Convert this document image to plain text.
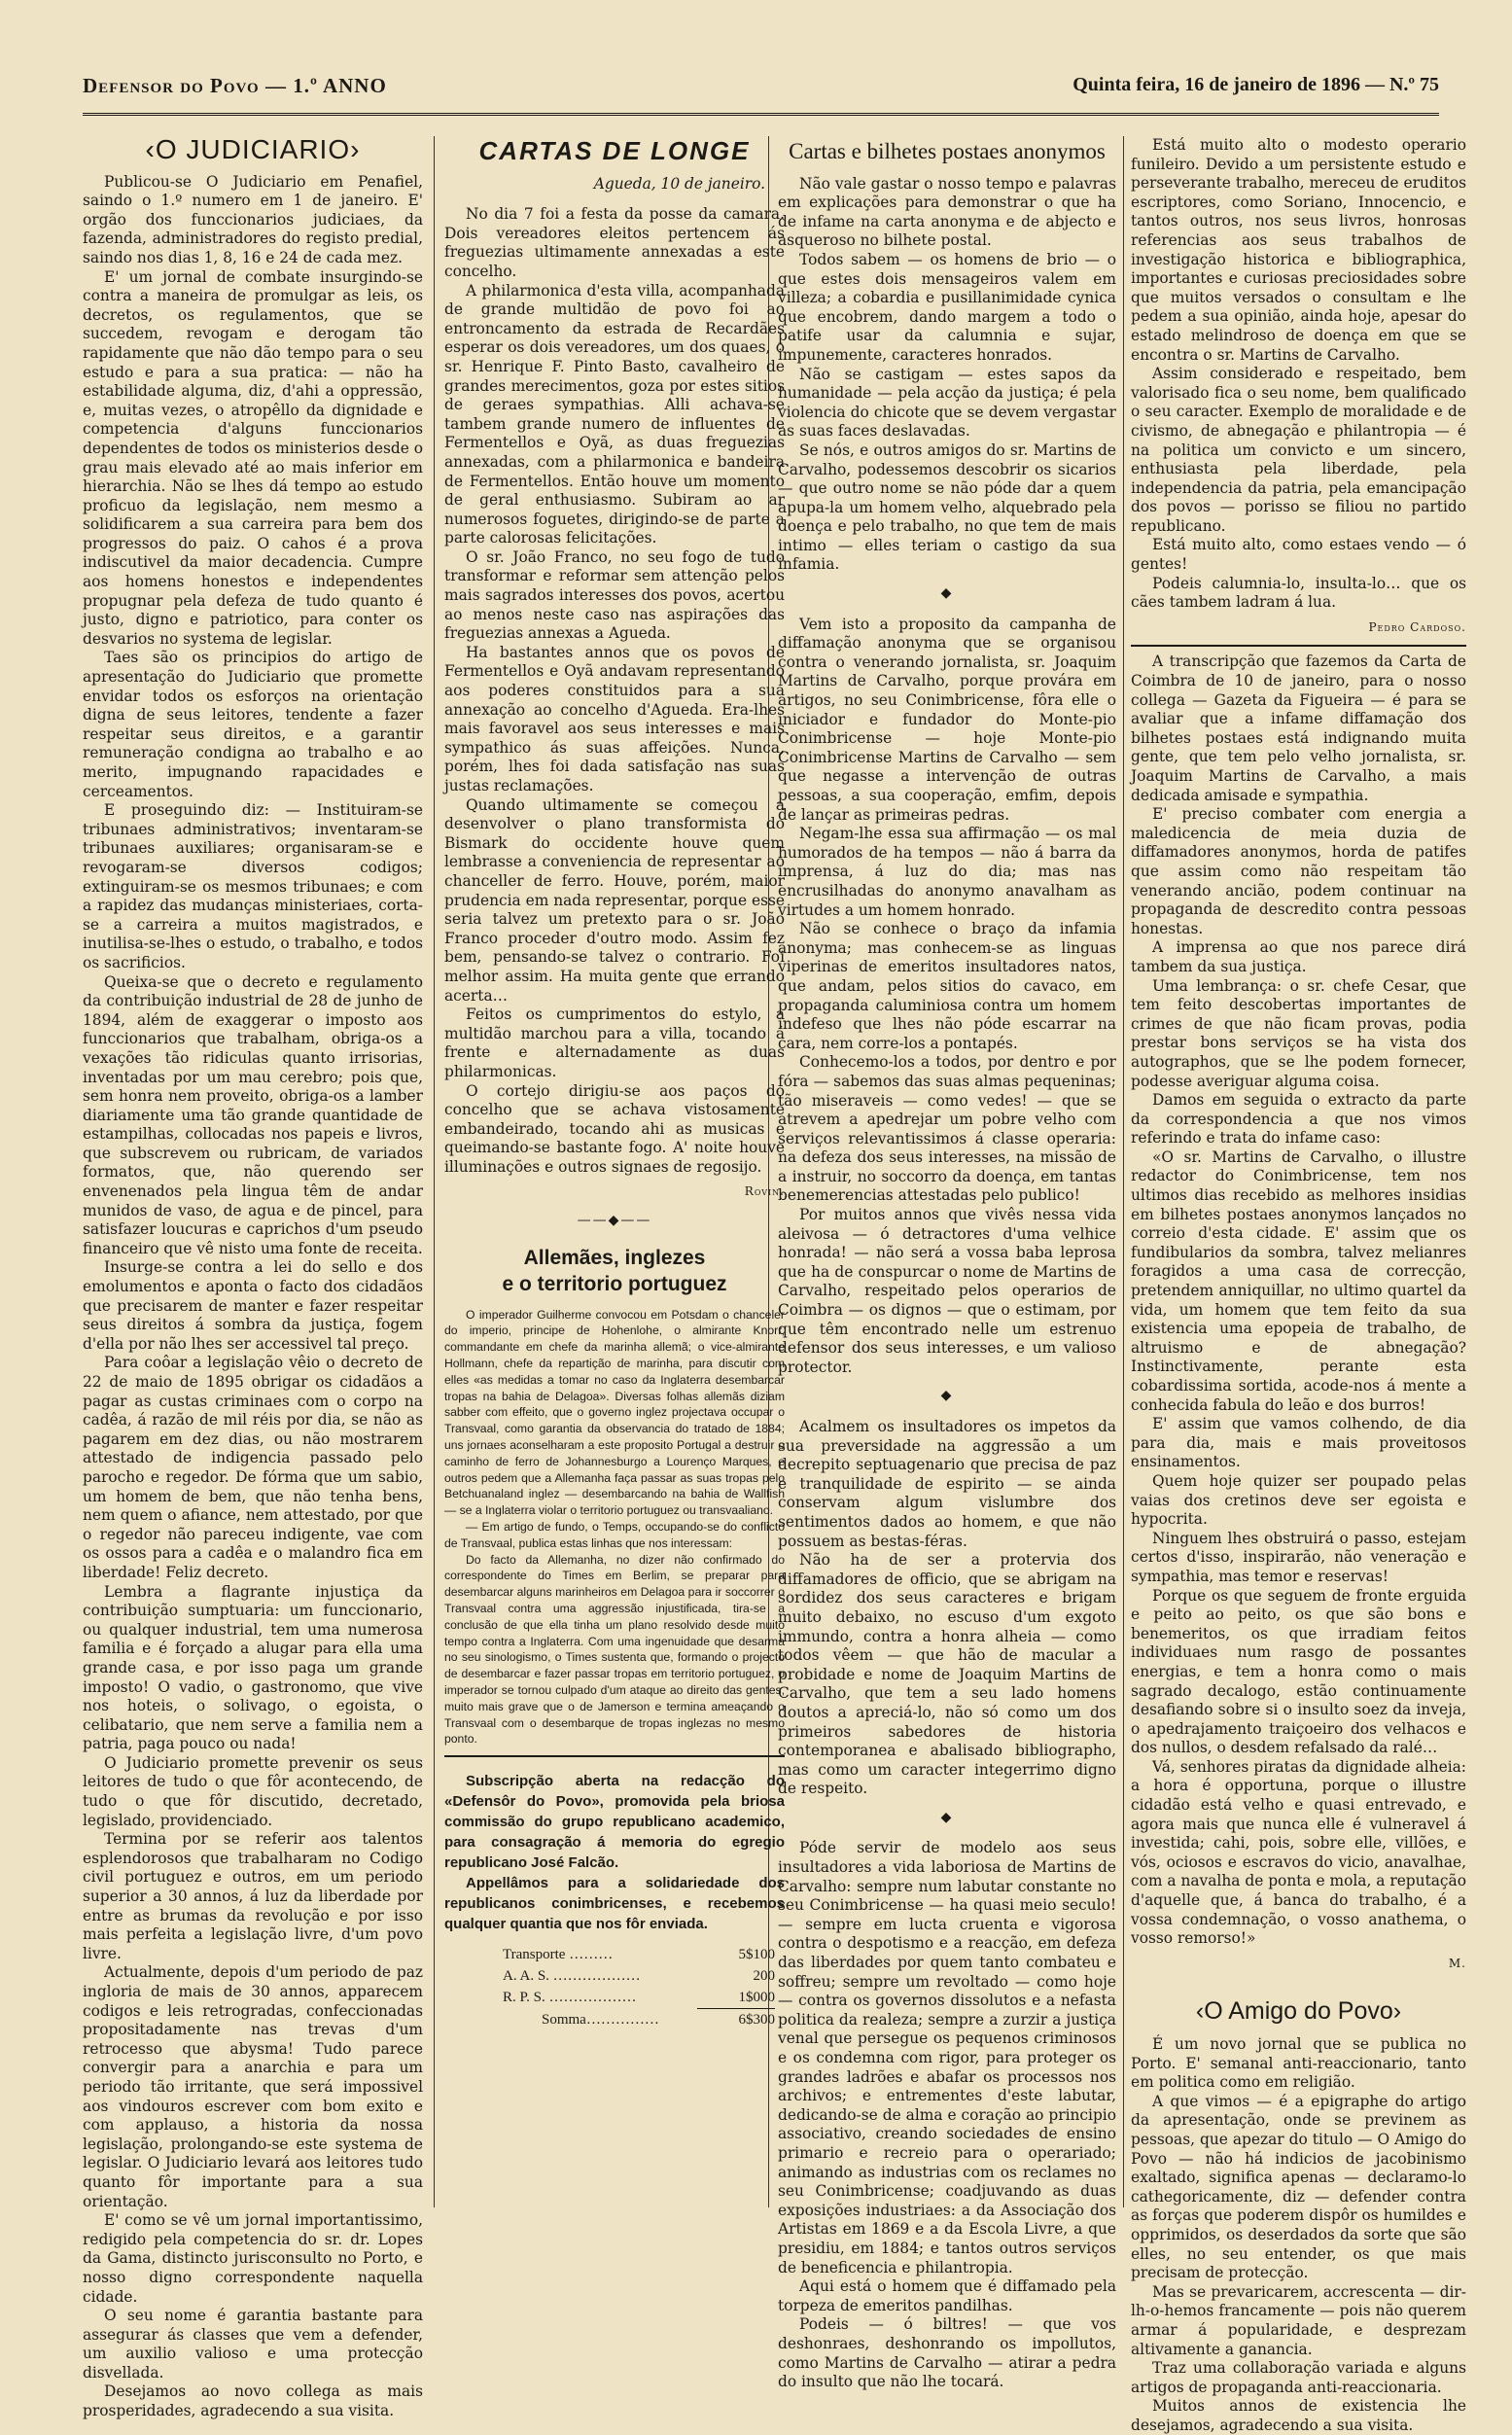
Defensor do Povo — 1.º ANNO	Quinta feira, 16 de janeiro de 1896 — N.º 75
‹O JUDICIARIO›

Publicou-se O Judiciario em Penafiel, saindo o 1.º numero em 1 de janeiro. E' orgão dos funccionarios judiciaes, da fazenda, administradores do registo predial, saindo nos dias 1, 8, 16 e 24 de cada mez.

E' um jornal de combate insurgindo-se contra a maneira de promulgar as leis, os decretos, os regulamentos, que se succedem, revogam e derogam tão rapidamente que não dão tempo para o seu estudo e para a sua pratica: — não ha estabilidade alguma, diz, d'ahi a oppressão, e, muitas vezes, o atropêllo da dignidade e competencia d'alguns funccionarios dependentes de todos os ministerios desde o grau mais elevado até ao mais inferior em hierarchia. Não se lhes dá tempo ao estudo proficuo da legislação, nem mesmo a solidificarem a sua carreira para bem dos progressos do paiz. O cahos é a prova indiscutivel da maior decadencia. Cumpre aos homens honestos e independentes propugnar pela defeza de tudo quanto é justo, digno e patriotico, para conter os desvarios no systema de legislar.

Taes são os principios do artigo de apresentação do Judiciario que promette envidar todos os esforços na orientação digna de seus leitores, tendente a fazer respeitar seus direitos, e a garantir remuneração condigna ao trabalho e ao merito, impugnando rapacidades e cerceamentos.

E proseguindo diz: — Instituiram-se tribunaes administrativos; inventaram-se tribunaes auxiliares; organisaram-se e revogaram-se diversos codigos; extinguiram-se os mesmos tribunaes; e com a rapidez das mudanças ministeriaes, corta-se a carreira a muitos magistrados, e inutilisa-se-lhes o estudo, o trabalho, e todos os sacrificios.

Queixa-se que o decreto e regulamento da contribuição industrial de 28 de junho de 1894, além de exaggerar o imposto aos funccionarios que trabalham, obriga-os a vexações tão ridiculas quanto irrisorias, inventadas por um mau cerebro; pois que, sem honra nem proveito, obriga-os a lamber diariamente uma tão grande quantidade de estampilhas, collocadas nos papeis e livros, que subscrevem ou rubricam, de variados formatos, que, não querendo ser envenenados pela lingua têm de andar munidos de vaso, de agua e de pincel, para satisfazer loucuras e caprichos d'um pseudo financeiro que vê nisto uma fonte de receita.

Insurge-se contra a lei do sello e dos emolumentos e aponta o facto dos cidadãos que precisarem de manter e fazer respeitar seus direitos á sombra da justiça, fogem d'ella por não lhes ser accessivel tal preço.

Para coôar a legislação vêio o decreto de 22 de maio de 1895 obrigar os cidadãos a pagar as custas criminaes com o corpo na cadêa, á razão de mil réis por dia, se não as pagarem em dez dias, ou não mostrarem attestado de indigencia passado pelo parocho e regedor. De fórma que um sabio, um homem de bem, que não tenha bens, nem quem o afiance, nem attestado, por que o regedor não pareceu indigente, vae com os ossos para a cadêa e o malandro fica em liberdade! Feliz decreto.

Lembra a flagrante injustiça da contribuição sumptuaria: um funccionario, ou qualquer industrial, tem uma numerosa familia e é forçado a alugar para ella uma grande casa, e por isso paga um grande imposto! O vadio, o gastronomo, que vive nos hoteis, o solivago, o egoista, o celibatario, que nem serve a familia nem a patria, paga pouco ou nada!

O Judiciario promette prevenir os seus leitores de tudo o que fôr acontecendo, de tudo o que fôr discutido, decretado, legislado, providenciado.

Termina por se referir aos talentos esplendorosos que trabalharam no Codigo civil portuguez e outros, em um periodo superior a 30 annos, á luz da liberdade por entre as brumas da revolução e por isso mais perfeita a legislação livre, d'um povo livre.

Actualmente, depois d'um periodo de paz ingloria de mais de 30 annos, apparecem codigos e leis retrogradas, confeccionadas propositadamente nas trevas d'um retrocesso que abysma! Tudo parece convergir para a anarchia e para um periodo tão irritante, que será impossivel aos vindouros escrever com bom exito e com applauso, a historia da nossa legislação, prolongando-se este systema de legislar. O Judiciario levará aos leitores tudo quanto fôr importante para a sua orientação.

E' como se vê um jornal importantissimo, redigido pela competencia do sr. dr. Lopes da Gama, distincto jurisconsulto no Porto, e nosso digno correspondente naquella cidade.

O seu nome é garantia bastante para assegurar ás classes que vem a defender, um auxilio valioso e uma protecção disvellada.

Desejamos ao novo collega as mais prosperidades, agradecendo a sua visita.

CARTAS DE LONGE

Agueda, 10 de janeiro.

No dia 7 foi a festa da posse da camara. Dois vereadores eleitos pertencem ás freguezias ultimamente annexadas a este concelho.

A philarmonica d'esta villa, acompanhada de grande multidão de povo foi ao entroncamento da estrada de Recardães esperar os dois vereadores, um dos quaes, o sr. Henrique F. Pinto Basto, cavalheiro de grandes merecimentos, goza por estes sitios de geraes sympathias. Alli achava-se tambem grande numero de influentes de Fermentellos e Oyã, as duas freguezias annexadas, com a philarmonica e bandeira de Fermentellos. Então houve um momento de geral enthusiasmo. Subiram ao ar numerosos foguetes, dirigindo-se de parte a parte calorosas felicitações.

O sr. João Franco, no seu fogo de tudo transformar e reformar sem attenção pelos mais sagrados interesses dos povos, acertou ao menos neste caso nas aspirações das freguezias annexas a Agueda.

Ha bastantes annos que os povos de Fermentellos e Oyã andavam representando aos poderes constituidos para a sua annexação ao concelho d'Agueda. Era-lhes mais favoravel aos seus interesses e mais sympathico ás suas affeições. Nunca, porém, lhes foi dada satisfação nas suas justas reclamações.

Quando ultimamente se começou a desenvolver o plano transformista do Bismark do occidente houve quem lembrasse a conveniencia de representar ao chanceller de ferro. Houve, porém, maior prudencia em nada representar, porque esse seria talvez um pretexto para o sr. João Franco proceder d'outro modo. Assim fez bem, pensando-se talvez o contrario. Foi melhor assim. Ha muita gente que errando acerta…

Feitos os cumprimentos do estylo, a multidão marchou para a villa, tocando á frente e alternadamente as duas philarmonicas.

O cortejo dirigiu-se aos paços do concelho que se achava vistosamente embandeirado, tocando ahi as musicas e queimando-se bastante fogo. A' noite houve illuminações e outros signaes de regosijo.

Rovin.

——◆——
Allemães, inglezes
e o territorio portuguez

O imperador Guilherme convocou em Potsdam o chanceler do imperio, principe de Hohenlohe, o almirante Knorr, commandante em chefe da marinha allemã; o vice-almirante Hollmann, chefe da repartição de marinha, para discutir com elles «as medidas a tomar no caso da Inglaterra desembarcar tropas na bahia de Delagoa». Diversas folhas allemãs diziam sabber com effeito, que o governo inglez projectava occupar o Transvaal, como garantia da observancia do tratado de 1884; uns jornaes aconselharam a este proposito Portugal a destruir o caminho de ferro de Johannesburgo a Lourenço Marques, e outros pedem que a Allemanha faça passar as suas tropas pelo Betchuanaland inglez — desembarcando na bahia de Wallfish — se a Inglaterra violar o territorio portuguez ou transvaaliano.

— Em artigo de fundo, o Temps, occupando-se do conflicto de Transvaal, publica estas linhas que nos interessam:

Do facto da Allemanha, no dizer não confirmado do correspondente do Times em Berlim, se preparar para desembarcar alguns marinheiros em Delagoa para ir soccorrer o Transvaal contra uma aggressão injustificada, tira-se a conclusão de que ella tinha um plano resolvido desde muito tempo contra a Inglaterra. Com uma ingenuidade que desarma no seu sinologismo, o Times sustenta que, formando o projecto de desembarcar e fazer passar tropas em territorio portuguez, o imperador se tornou culpado d'um ataque ao direito das gentes, muito mais grave que o de Jamerson e termina ameaçando o Transvaal com o desembarque de tropas inglezas no mesmo ponto.

Subscripção aberta na redacção do «Defensôr do Povo», promovida pela briosa commissão do grupo republicano academico, para consagração á memoria do egregio republicano José Falcão.

Appellâmos para a solidariedade dos republicanos conimbricenses, e recebemos qualquer quantia que nos fôr enviada.

Transporte ………	5$100
A. A. S. ………………	200
R. P. S. ………………	1$000
Somma……………	6$300
Cartas e bilhetes postaes anonymos

Não vale gastar o nosso tempo e palavras em explicações para demonstrar o que ha de infame na carta anonyma e de abjecto e asqueroso no bilhete postal.

Todos sabem — os homens de brio — o que estes dois mensageiros valem em villeza; a cobardia e pusillanimidade cynica que encobrem, dando margem a todo o patife usar da calumnia e sujar, impunemente, caracteres honrados.

Não se castigam — estes sapos da humanidade — pela acção da justiça; é pela violencia do chicote que se devem vergastar as suas faces deslavadas.

Se nós, e outros amigos do sr. Martins de Carvalho, podessemos descobrir os sicarios — que outro nome se não póde dar a quem apupa-la um homem velho, alquebrado pela doença e pelo trabalho, no que tem de mais intimo — elles teriam o castigo da sua infamia.

◆

Vem isto a proposito da campanha de diffamação anonyma que se organisou contra o venerando jornalista, sr. Joaquim Martins de Carvalho, porque provára em artigos, no seu Conimbricense, fôra elle o iniciador e fundador do Monte-pio Conimbricense — hoje Monte-pio Conimbricense Martins de Carvalho — sem que negasse a intervenção de outras pessoas, a sua cooperação, emfim, depois de lançar as primeiras pedras.

Negam-lhe essa sua affirmação — os mal humorados de ha tempos — não á barra da imprensa, á luz do dia; mas nas encrusilhadas do anonymo anavalham as virtudes a um homem honrado.

Não se conhece o braço da infamia anonyma; mas conhecem-se as linguas viperinas de emeritos insultadores natos, que andam, pelos sitios do cavaco, em propaganda caluminiosa contra um homem indefeso que lhes não póde escarrar na cara, nem corre-los a pontapés.

Conhecemo-los a todos, por dentro e por fóra — sabemos das suas almas pequeninas; tão miseraveis — como vedes! — que se atrevem a apedrejar um pobre velho com serviços relevantissimos á classe operaria: na defeza dos seus interesses, na missão de a instruir, no soccorro da doença, em tantas benemerencias attestadas pelo publico!

Por muitos annos que vivês nessa vida aleivosa — ó detractores d'uma velhice honrada! — não será a vossa baba leprosa que ha de conspurcar o nome de Martins de Carvalho, respeitado pelos operarios de Coimbra — os dignos — que o estimam, por que têm encontrado nelle um estrenuo defensor dos seus interesses, e um valioso protector.

◆

Acalmem os insultadores os impetos da sua preversidade na aggressão a um decrepito septuagenario que precisa de paz e tranquilidade de espirito — se ainda conservam algum vislumbre dos sentimentos dados ao homem, e que não possuem as bestas-féras.

Não ha de ser a protervia dos diffamadores de officio, que se abrigam na sordidez dos seus caracteres e brigam muito debaixo, no escuso d'um exgoto immundo, contra a honra alheia — como todos vêem — que hão de macular a probidade e nome de Joaquim Martins de Carvalho, que tem a seu lado homens doutos a apreciá-lo, não só como um dos primeiros sabedores de historia contemporanea e abalisado bibliographo, mas como um caracter integerrimo digno de respeito.

◆

Póde servir de modelo aos seus insultadores a vida laboriosa de Martins de Carvalho: sempre num labutar constante no seu Conimbricense — ha quasi meio seculo! — sempre em lucta cruenta e vigorosa contra o despotismo e a reacção, em defeza das liberdades por quem tanto combateu e soffreu; sempre um revoltado — como hoje — contra os governos dissolutos e a nefasta politica da realeza; sempre a zurzir a justiça venal que persegue os pequenos criminosos e os condemna com rigor, para proteger os grandes ladrões e abafar os processos nos archivos; e entrementes d'este labutar, dedicando-se de alma e coração ao principio associativo, creando sociedades de ensino primario e recreio para o operariado; animando as industrias com os reclames no seu Conimbricense; coadjuvando as duas exposições industriaes: a da Associação dos Artistas em 1869 e a da Escola Livre, a que presidiu, em 1884; e tantos outros serviços de beneficencia e philantropia.

Aqui está o homem que é diffamado pela torpeza de emeritos pandilhas.

Podeis — ó biltres! — que vos deshonraes, deshonrando os impollutos, como Martins de Carvalho — atirar a pedra do insulto que não lhe tocará.

Está muito alto o modesto operario funileiro. Devido a um persistente estudo e perseverante trabalho, mereceu de eruditos escriptores, como Soriano, Innocencio, e tantos outros, nos seus livros, honrosas referencias aos seus trabalhos de investigação historica e bibliographica, importantes e curiosas preciosidades sobre que muitos versados o consultam e lhe pedem a sua opinião, ainda hoje, apesar do estado melindroso de doença em que se encontra o sr. Martins de Carvalho.

Assim considerado e respeitado, bem valorisado fica o seu nome, bem qualificado o seu caracter. Exemplo de moralidade e de civismo, de abnegação e philantropia — é na politica um convicto e um sincero, enthusiasta pela liberdade, pela independencia da patria, pela emancipação dos povos — porisso se filiou no partido republicano.

Está muito alto, como estaes vendo — ó gentes!

Podeis calumnia-lo, insulta-lo… que os cães tambem ladram á lua.

Pedro Cardoso.

A transcripção que fazemos da Carta de Coimbra de 10 de janeiro, para o nosso collega — Gazeta da Figueira — é para se avaliar que a infame diffamação dos bilhetes postaes está indignando muita gente, que tem pelo velho jornalista, sr. Joaquim Martins de Carvalho, a mais dedicada amisade e sympathia.

E' preciso combater com energia a maledicencia de meia duzia de diffamadores anonymos, horda de patifes que assim como não respeitam tão venerando ancião, podem continuar na propaganda de descredito contra pessoas honestas.

A imprensa ao que nos parece dirá tambem da sua justiça.

Uma lembrança: o sr. chefe Cesar, que tem feito descobertas importantes de crimes de que não ficam provas, podia prestar bons serviços se ha vista dos autographos, que se lhe podem fornecer, podesse averiguar alguma coisa.

Damos em seguida o extracto da parte da correspondencia a que nos vimos referindo e trata do infame caso:

«O sr. Martins de Carvalho, o illustre redactor do Conimbricense, tem nos ultimos dias recebido as melhores insidias em bilhetes postaes anonymos lançados no correio d'esta cidade. E' assim que os fundibularios da sombra, talvez melianres foragidos a uma casa de correcção, pretendem anniquillar, no ultimo quartel da vida, um homem que tem feito da sua existencia uma epopeia de trabalho, de altruismo e de abnegação? Instinctivamente, perante esta cobardissima sortida, acode-nos á mente a conhecida fabula do leão e dos burros!

E' assim que vamos colhendo, de dia para dia, mais e mais proveitosos ensinamentos.

Quem hoje quizer ser poupado pelas vaias dos cretinos deve ser egoista e hypocrita.

Ninguem lhes obstruirá o passo, estejam certos d'isso, inspirarão, não veneração e sympathia, mas temor e reservas!

Porque os que seguem de fronte erguida e peito ao peito, os que são bons e benemeritos, os que irradiam feitos individuaes num rasgo de possantes energias, e tem a honra como o mais sagrado decalogo, estão continuamente desafiando sobre si o insulto soez da inveja, o apedrajamento traiçoeiro dos velhacos e dos nullos, o desdem refalsado da ralé…

Vá, senhores piratas da dignidade alheia: a hora é opportuna, porque o illustre cidadão está velho e quasi entrevado, e agora mais que nunca elle é vulneravel á investida; cahi, pois, sobre elle, villões, e vós, ociosos e escravos do vicio, anavalhae, com a navalha de ponta e mola, a reputação d'aquelle que, á banca do trabalho, é a vossa condemnação, o vosso anathema, o vosso remorso!»

M.

‹O Amigo do Povo›

É um novo jornal que se publica no Porto. E' semanal anti-reaccionario, tanto em politica como em religião.

A que vimos — é a epigraphe do artigo da apresentação, onde se previnem as pessoas, que apezar do titulo — O Amigo do Povo — não há indicios de jacobinismo exaltado, significa apenas — declaramo-lo cathegoricamente, diz — defender contra as forças que poderem dispôr os humildes e opprimidos, os deserdados da sorte que são elles, no seu entender, os que mais precisam de protecção.

Mas se prevaricarem, accrescenta — dir-lh-o-hemos francamente — pois não querem armar á popularidade, e desprezam altivamente a ganancia.

Traz uma collaboração variada e alguns artigos de propaganda anti-reaccionaria.

Muitos annos de existencia lhe desejamos, agradecendo a sua visita.
